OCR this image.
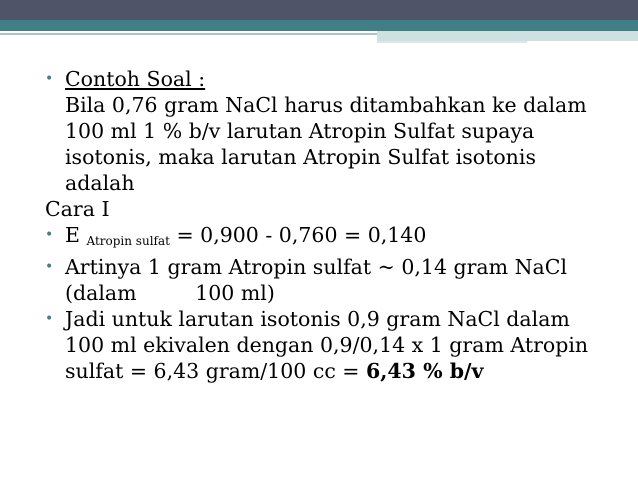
• Contoh Soal :
Bila 0,76 gram NaCl harus ditambahkan ke dalam
100 ml 1 % b/v larutan Atropin Sulfat supaya
isotonis, maka larutan Atropin Sulfat isotonis
adalah
Cara I
• E $_{Atropin sulfat}$ = 0,900 - 0,760 = 0,140
• Artinya 1 gram Atropin sulfat ~ 0,14 gram NaCl
(dalam         100 ml)
• Jadi untuk larutan isotonis 0,9 gram NaCl dalam
100 ml ekivalen dengan 0,9/0,14 x 1 gram Atropin
sulfat = 6,43 gram/100 cc = 6,43 % b/v
